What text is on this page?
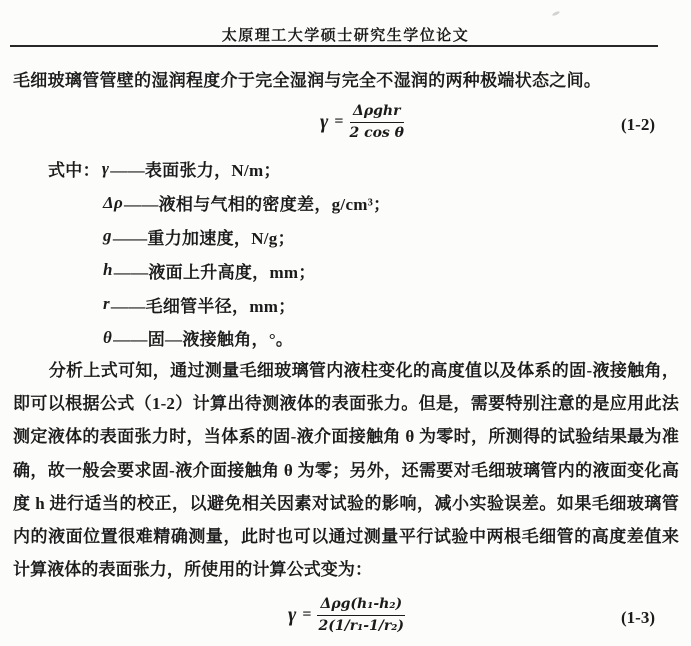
太原理工大学硕士研究生学位论文

毛细玻璃管管壁的湿润程度介于完全湿润与完全不湿润的两种极端状态之间。

$\gamma = \frac{\text{Δρghr}}{\text{2 cos θ}}$	(1-2)
式中： γ ——表面张力，N/m；
Δρ ——液相与气相的密度差，g/cm³；
g ——重力加速度，N/g；
h ——液面上升高度，mm；
r ——毛细管半径，mm；
θ ——固—液接触角，°。

分析上式可知，通过测量毛细玻璃管内液柱变化的高度值以及体系的固-液接触角，即可以根据公式（1-2）计算出待测液体的表面张力。但是，需要特别注意的是应用此法测定液体的表面张力时，当体系的固-液介面接触角 θ 为零时，所测得的试验结果最为准确，故一般会要求固-液介面接触角 θ 为零；另外，还需要对毛细玻璃管内的液面变化高度 h 进行适当的校正，以避免相关因素对试验的影响，减小实验误差。如果毛细玻璃管内的液面位置很难精确测量，此时也可以通过测量平行试验中两根毛细管的高度差值来计算液体的表面张力，所使用的计算公式变为：

$\gamma = \frac{\text{Δρg(h₁-h₂)}}{\text{2(1/r₁-1/r₂)}}$	(1-3)
